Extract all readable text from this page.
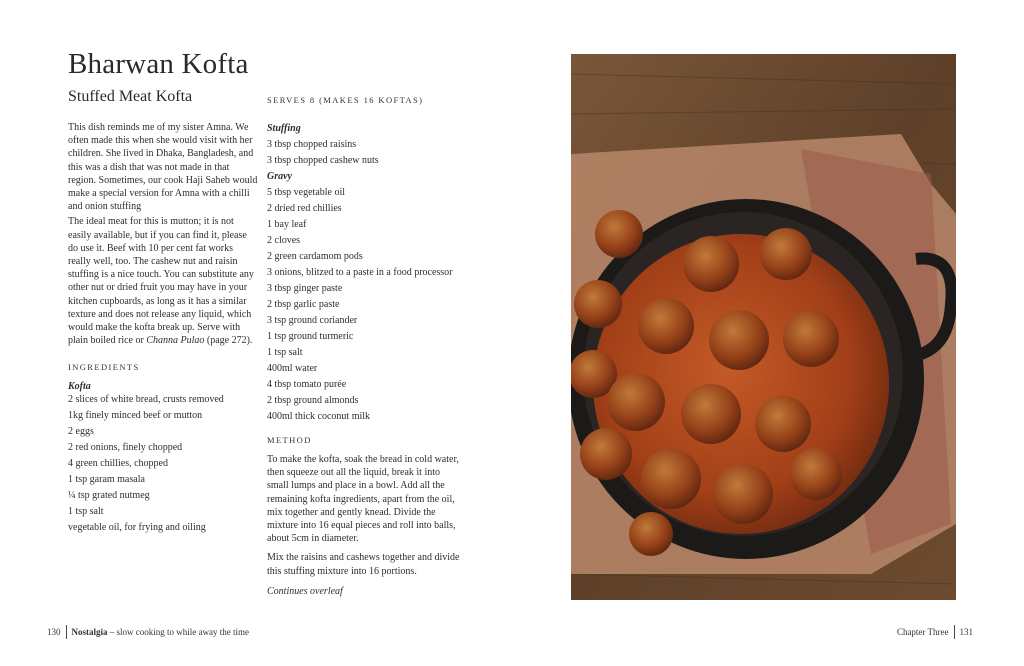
Bharwan Kofta
Stuffed Meat Kofta	SERVES 8 (MAKES 16 KOFTAS)

This dish reminds me of my sister Amna. We often made this when she would visit with her children. She lived in Dhaka, Bangladesh, and this was a dish that was not made in that region. Sometimes, our cook Haji Saheb would make a special version for Amna with a chilli and onion stuffing

The ideal meat for this is mutton; it is not easily available, but if you can find it, please do use it. Beef with 10 per cent fat works really well, too. The cashew nut and raisin stuffing is a nice touch. You can substitute any other nut or dried fruit you may have in your kitchen cupboards, as long as it has a similar texture and does not release any liquid, which would make the kofta break up. Serve with plain boiled rice or Channa Pulao (page 272).

INGREDIENTS
Kofta
2 slices of white bread, crusts removed
1kg finely minced beef or mutton
2 eggs
2 red onions, finely chopped
4 green chillies, chopped
1 tsp garam masala
¼ tsp grated nutmeg
1 tsp salt
vegetable oil, for frying and oiling
Stuffing
3 tbsp chopped raisins
3 tbsp chopped cashew nuts
Gravy
5 tbsp vegetable oil
2 dried red chillies
1 bay leaf
2 cloves
2 green cardamom pods
3 onions, blitzed to a paste in a food processor
3 tbsp ginger paste
2 tbsp garlic paste
3 tsp ground coriander
1 tsp ground turmeric
1 tsp salt
400ml water
4 tbsp tomato purée
2 tbsp ground almonds
400ml thick coconut milk
METHOD

To make the kofta, soak the bread in cold water, then squeeze out all the liquid, break it into small lumps and place in a bowl. Add all the remaining kofta ingredients, apart from the oil, mix together and gently knead. Divide the mixture into 16 equal pieces and roll into balls, about 5cm in diameter.

Mix the raisins and cashews together and divide this stuffing mixture into 16 portions.

Continues overleaf
130 Nostalgia – slow cooking to while away the time	Chapter Three 131
